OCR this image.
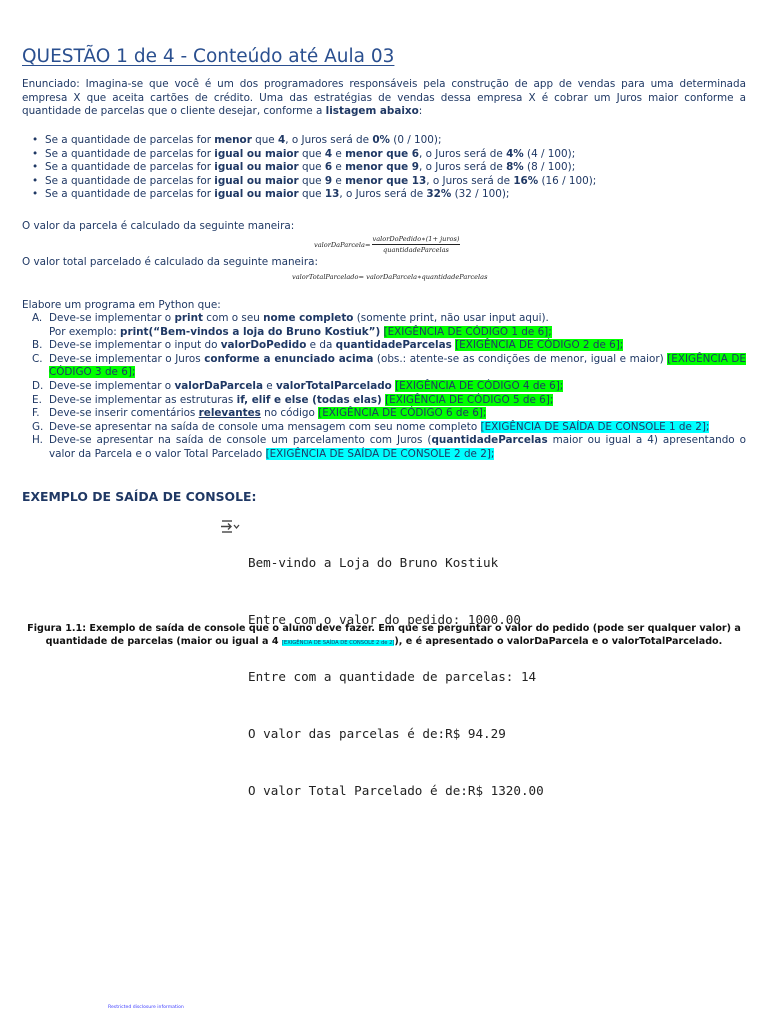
QUESTÃO 1 de 4 - Conteúdo até Aula 03
Enunciado: Imagina-se que você é um dos programadores responsáveis pela construção de app de vendas para uma determinada empresa X que aceita cartões de crédito. Uma das estratégias de vendas dessa empresa X é cobrar um Juros maior conforme a quantidade de parcelas que o cliente desejar, conforme a listagem abaixo:
• Se a quantidade de parcelas for menor que 4, o Juros será de 0% (0 / 100);
• Se a quantidade de parcelas for igual ou maior que 4 e menor que 6, o Juros será de 4% (4 / 100);
• Se a quantidade de parcelas for igual ou maior que 6 e menor que 9, o Juros será de 8% (8 / 100);
• Se a quantidade de parcelas for igual ou maior que 9 e menor que 13, o Juros será de 16% (16 / 100);
• Se a quantidade de parcelas for igual ou maior que 13, o Juros será de 32% (32 / 100);
O valor da parcela é calculado da seguinte maneira:
valorDaParcela= $\frac{\text{valorDoPedido∗(1+ juros)}}{\text{quantidadeParcelas}}$
O valor total parcelado é calculado da seguinte maneira:
valorTotalParcelado= valorDaParcela∗quantidadeParcelas
Elabore um programa em Python que:
A. Deve-se implementar o print com o seu nome completo (somente print, não usar input aqui).
Por exemplo: print(“Bem-vindos a loja do Bruno Kostiuk”) [EXIGÊNCIA DE CÓDIGO 1 de 6];
B. Deve-se implementar o input do valorDoPedido e da quantidadeParcelas [EXIGÊNCIA DE CÓDIGO 2 de 6];
C. Deve-se implementar o Juros conforme a enunciado acima (obs.: atente-se as condições de menor, igual e maior) [EXIGÊNCIA DE CÓDIGO 3 de 6];
D. Deve-se implementar o valorDaParcela e valorTotalParcelado [EXIGÊNCIA DE CÓDIGO 4 de 6];
E. Deve-se implementar as estruturas if, elif e else (todas elas) [EXIGÊNCIA DE CÓDIGO 5 de 6];
F. Deve-se inserir comentários relevantes no código [EXIGÊNCIA DE CÓDIGO 6 de 6];
G. Deve-se apresentar na saída de console uma mensagem com seu nome completo [EXIGÊNCIA DE SAÍDA DE CONSOLE 1 de 2];
H. Deve-se apresentar na saída de console um parcelamento com Juros (quantidadeParcelas maior ou igual a 4) apresentando o valor da Parcela e o valor Total Parcelado [EXIGÊNCIA DE SAÍDA DE CONSOLE 2 de 2];
EXEMPLO DE SAÍDA DE CONSOLE:

Bem-vindo a Loja do Bruno Kostiuk

Entre com o valor do pedido: 1000.00

Entre com a quantidade de parcelas: 14

O valor das parcelas é de:R$ 94.29

O valor Total Parcelado é de:R$ 1320.00

Figura 1.1: Exemplo de saída de console que o aluno deve fazer. Em que se perguntar o valor do pedido (pode ser qualquer valor) a quantidade de parcelas (maior ou igual a 4 [EXIGÊNCIA DE SAÍDA DE CONSOLE 2 de 2]), e é apresentado o valorDaParcela e o valorTotalParcelado.
Restricted disclosure information
